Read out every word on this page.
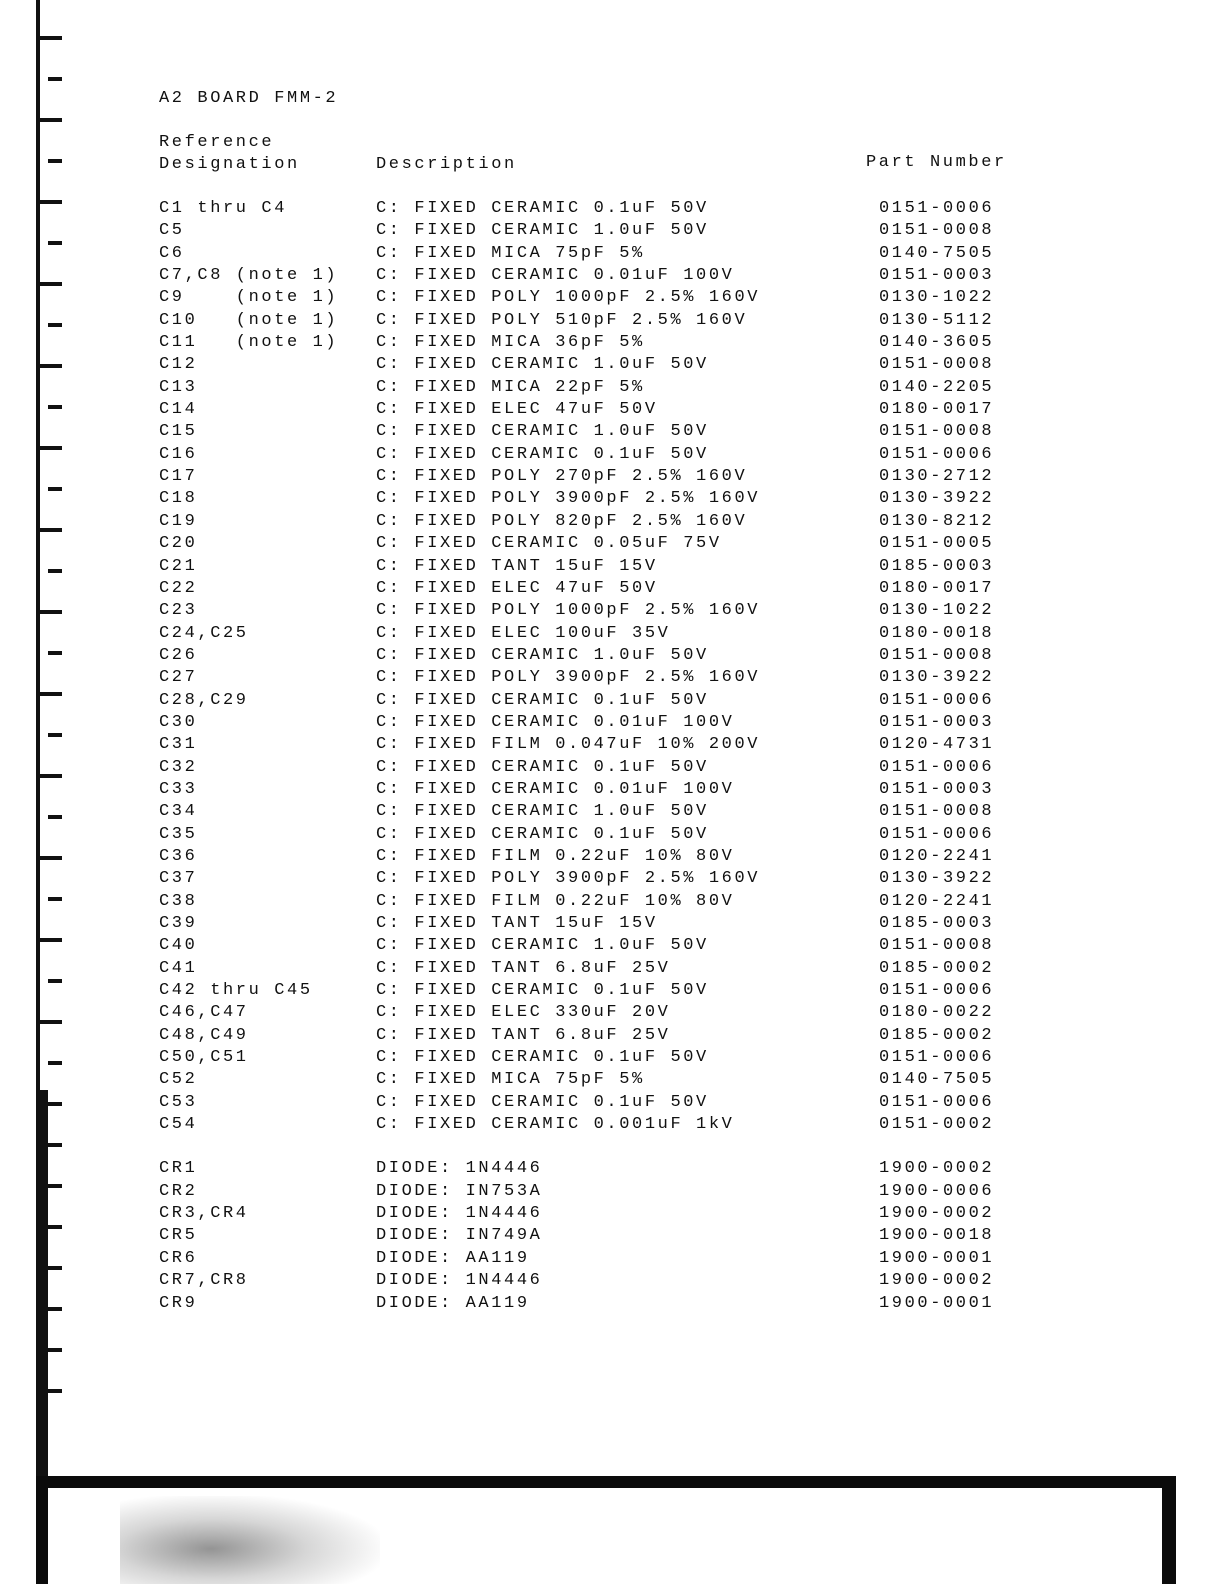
A2 BOARD FMM-2
Reference
Designation	Description	Part Number
C1 thru C4	C: FIXED CERAMIC 0.1uF 50V	0151-0006
C5	C: FIXED CERAMIC 1.0uF 50V	0151-0008
C6	C: FIXED MICA 75pF 5%	0140-7505
C7,C8 (note 1) C: FIXED CERAMIC 0.01uF 100V	0151-0003
C9    (note 1) C: FIXED POLY 1000pF 2.5% 160V	0130-1022
C10   (note 1) C: FIXED POLY 510pF 2.5% 160V	0130-5112
C11   (note 1) C: FIXED MICA 36pF 5%	0140-3605
C12	C: FIXED CERAMIC 1.0uF 50V	0151-0008
C13	C: FIXED MICA 22pF 5%	0140-2205
C14	C: FIXED ELEC 47uF 50V	0180-0017
C15	C: FIXED CERAMIC 1.0uF 50V	0151-0008
C16	C: FIXED CERAMIC 0.1uF 50V	0151-0006
C17	C: FIXED POLY 270pF 2.5% 160V	0130-2712
C18	C: FIXED POLY 3900pF 2.5% 160V	0130-3922
C19	C: FIXED POLY 820pF 2.5% 160V	0130-8212
C20	C: FIXED CERAMIC 0.05uF 75V	0151-0005
C21	C: FIXED TANT 15uF 15V	0185-0003
C22	C: FIXED ELEC 47uF 50V	0180-0017
C23	C: FIXED POLY 1000pF 2.5% 160V	0130-1022
C24,C25	C: FIXED ELEC 100uF 35V	0180-0018
C26	C: FIXED CERAMIC 1.0uF 50V	0151-0008
C27	C: FIXED POLY 3900pF 2.5% 160V	0130-3922
C28,C29	C: FIXED CERAMIC 0.1uF 50V	0151-0006
C30	C: FIXED CERAMIC 0.01uF 100V	0151-0003
C31	C: FIXED FILM 0.047uF 10% 200V	0120-4731
C32	C: FIXED CERAMIC 0.1uF 50V	0151-0006
C33	C: FIXED CERAMIC 0.01uF 100V	0151-0003
C34	C: FIXED CERAMIC 1.0uF 50V	0151-0008
C35	C: FIXED CERAMIC 0.1uF 50V	0151-0006
C36	C: FIXED FILM 0.22uF 10% 80V	0120-2241
C37	C: FIXED POLY 3900pF 2.5% 160V	0130-3922
C38	C: FIXED FILM 0.22uF 10% 80V	0120-2241
C39	C: FIXED TANT 15uF 15V	0185-0003
C40	C: FIXED CERAMIC 1.0uF 50V	0151-0008
C41	C: FIXED TANT 6.8uF 25V	0185-0002
C42 thru C45	C: FIXED CERAMIC 0.1uF 50V	0151-0006
C46,C47	C: FIXED ELEC 330uF 20V	0180-0022
C48,C49	C: FIXED TANT 6.8uF 25V	0185-0002
C50,C51	C: FIXED CERAMIC 0.1uF 50V	0151-0006
C52	C: FIXED MICA 75pF 5%	0140-7505
C53	C: FIXED CERAMIC 0.1uF 50V	0151-0006
C54	C: FIXED CERAMIC 0.001uF 1kV	0151-0002
CR1	DIODE: 1N4446	1900-0002
CR2	DIODE: IN753A	1900-0006
CR3,CR4	DIODE: 1N4446	1900-0002
CR5	DIODE: IN749A	1900-0018
CR6	DIODE: AA119	1900-0001
CR7,CR8	DIODE: 1N4446	1900-0002
CR9	DIODE: AA119	1900-0001
